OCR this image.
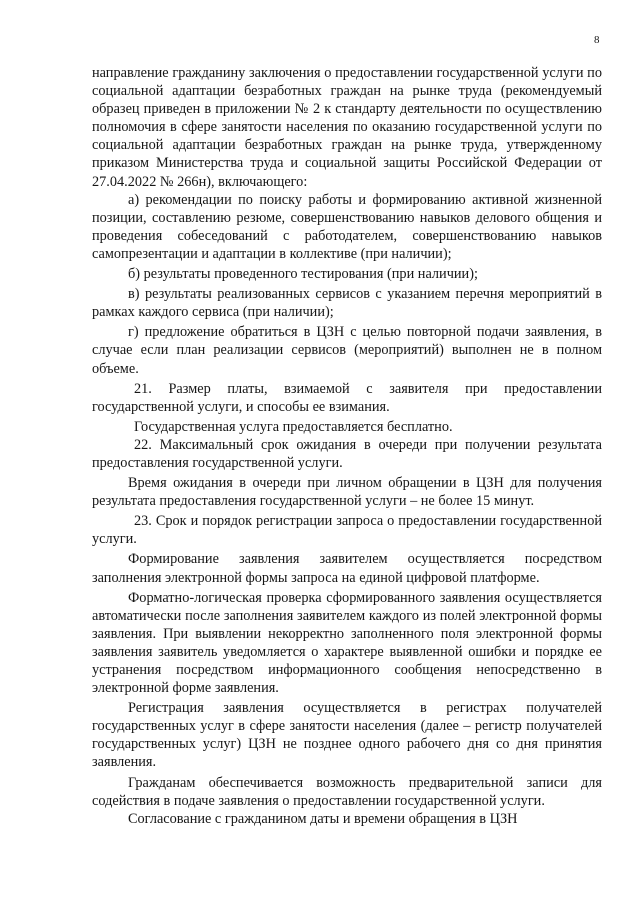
8

направление гражданину заключения о предоставлении государственной услуги по социальной адаптации безработных граждан на рынке труда (рекомендуемый образец приведен в приложении № 2 к стандарту деятельности по осуществлению полномочия в сфере занятости населения по оказанию государственной услуги по социальной адаптации безработных граждан на рынке труда, утвержденному приказом Министерства труда и социальной защиты Российской Федерации от 27.04.2022 № 266н), включающего:

а) рекомендации по поиску работы и формированию активной жизненной позиции, составлению резюме, совершенствованию навыков делового общения и проведения собеседований с работодателем, совершенствованию навыков самопрезентации и адаптации в коллективе (при наличии);

б) результаты проведенного тестирования (при наличии);

в) результаты реализованных сервисов с указанием перечня мероприятий в рамках каждого сервиса (при наличии);

г) предложение обратиться в ЦЗН с целью повторной подачи заявления, в случае если план реализации сервисов (мероприятий) выполнен не в полном объеме.

21. Размер платы, взимаемой с заявителя при предоставлении государственной услуги, и способы ее взимания.

Государственная услуга предоставляется бесплатно.

22. Максимальный срок ожидания в очереди при получении результата предоставления государственной услуги.

Время ожидания в очереди при личном обращении в ЦЗН для получения результата предоставления государственной услуги – не более 15 минут.

23. Срок и порядок регистрации запроса о предоставлении государственной услуги.

Формирование заявления заявителем осуществляется посредством заполнения электронной формы запроса на единой цифровой платформе.

Форматно-логическая проверка сформированного заявления осуществляется автоматически после заполнения заявителем каждого из полей электронной формы заявления. При выявлении некорректно заполненного поля электронной формы заявления заявитель уведомляется о характере выявленной ошибки и порядке ее устранения посредством информационного сообщения непосредственно в электронной форме заявления.

Регистрация заявления осуществляется в регистрах получателей государственных услуг в сфере занятости населения (далее – регистр получателей государственных услуг) ЦЗН не позднее одного рабочего дня со дня принятия заявления.

Гражданам обеспечивается возможность предварительной записи для содействия в подаче заявления о предоставлении государственной услуги.

Согласование с гражданином даты и времени обращения в ЦЗН
